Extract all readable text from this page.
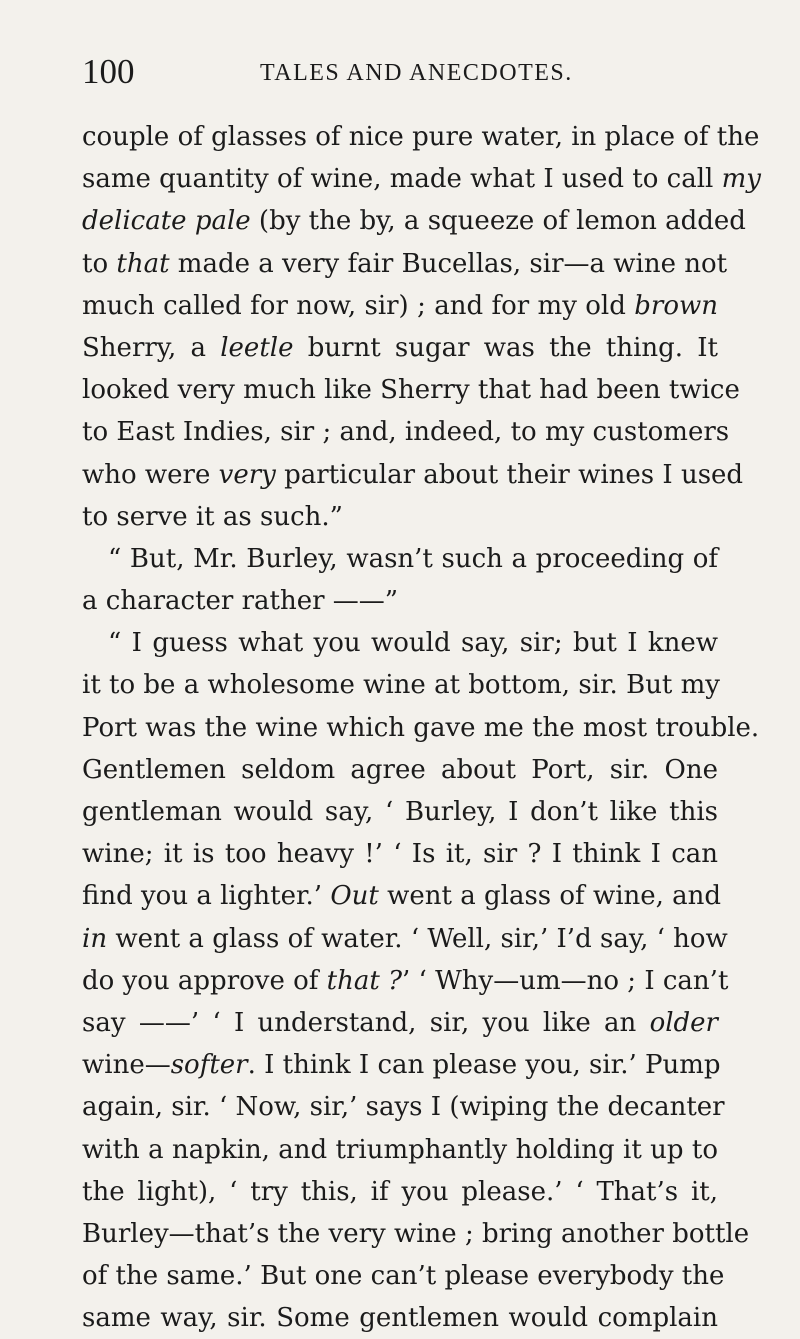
100	TALES AND ANECDOTES.
couple of glasses of nice pure water, in place of the
same quantity of wine, made what I used to call my
delicate pale (by the by, a squeeze of lemon added
to that made a very fair Bucellas, sir—a wine not
much called for now, sir) ; and for my old brown
Sherry, a leetle burnt sugar was the thing. It
looked very much like Sherry that had been twice
to East Indies, sir ; and, indeed, to my customers
who were very particular about their wines I used
to serve it as such.”
“ But, Mr. Burley, wasn’t such a proceeding of
a character rather ——”
“ I guess what you would say, sir; but I knew
it to be a wholesome wine at bottom, sir. But my
Port was the wine which gave me the most trouble.
Gentlemen seldom agree about Port, sir. One
gentleman would say, ‘ Burley, I don’t like this
wine; it is too heavy !’ ‘ Is it, sir ? I think I can
find you a lighter.’ Out went a glass of wine, and
in went a glass of water. ‘ Well, sir,’ I’d say, ‘ how
do you approve of that ?’ ‘ Why—um—no ; I can’t
say ——’ ‘ I understand, sir, you like an older
wine—softer. I think I can please you, sir.’ Pump
again, sir. ‘ Now, sir,’ says I (wiping the decanter
with a napkin, and triumphantly holding it up to
the light), ‘ try this, if you please.’ ‘ That’s it,
Burley—that’s the very wine ; bring another bottle
of the same.’ But one can’t please everybody the
same way, sir. Some gentlemen would complain
